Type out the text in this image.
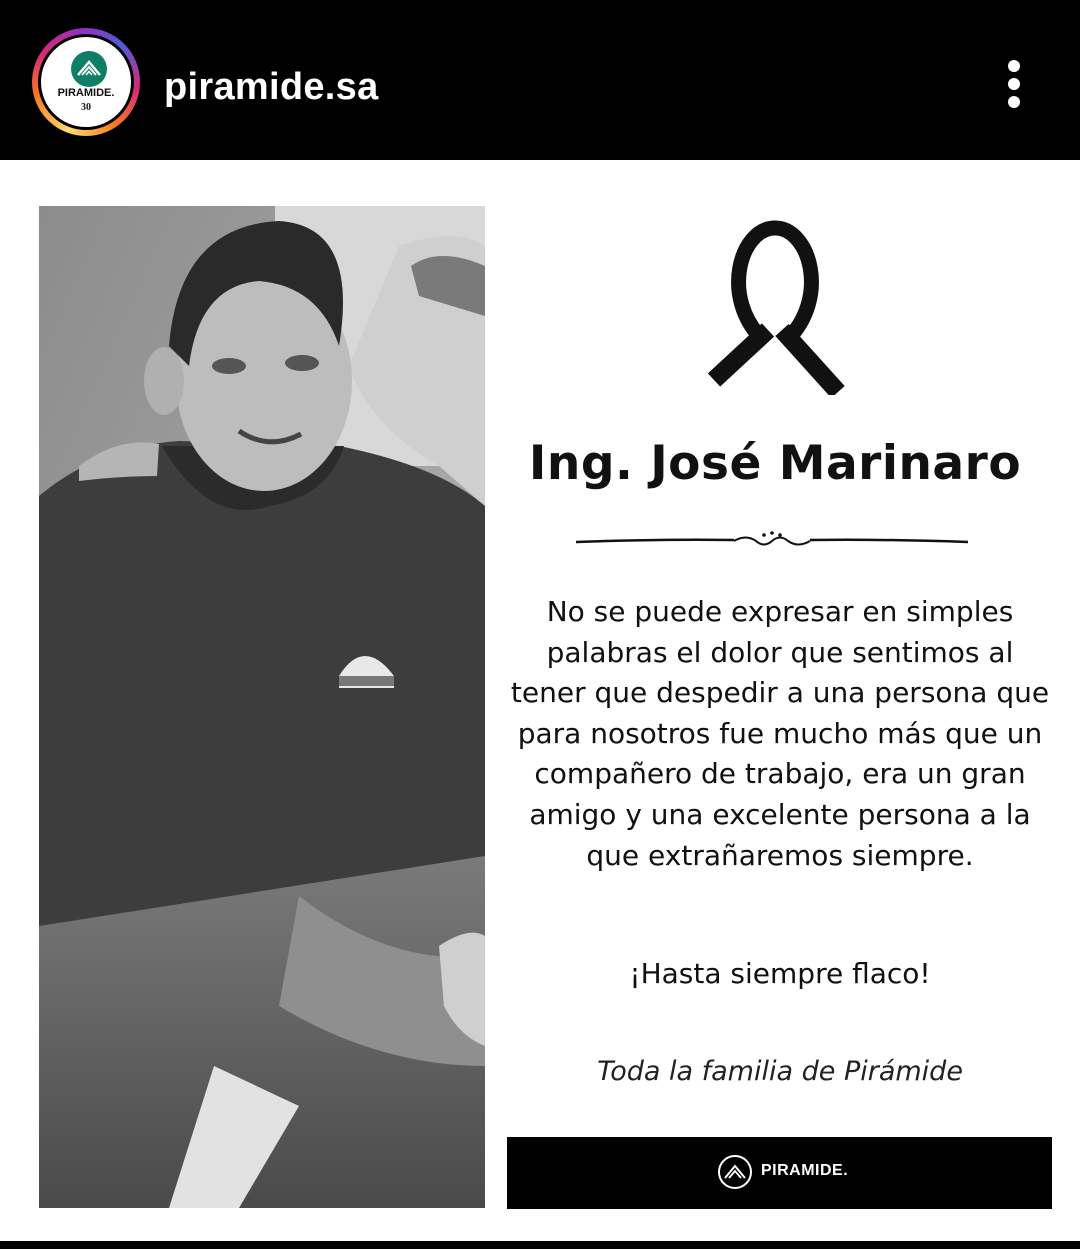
PIRAMIDE.
30	piramide.sa
Ing. José Marinaro
No se puede expresar en simples palabras el dolor que sentimos al tener que despedir a una persona que para nosotros fue mucho más que un compañero de trabajo, era un gran amigo y una excelente persona a la que extrañaremos siempre.
¡Hasta siempre flaco!
Toda la familia de Pirámide
PIRAMIDE.
